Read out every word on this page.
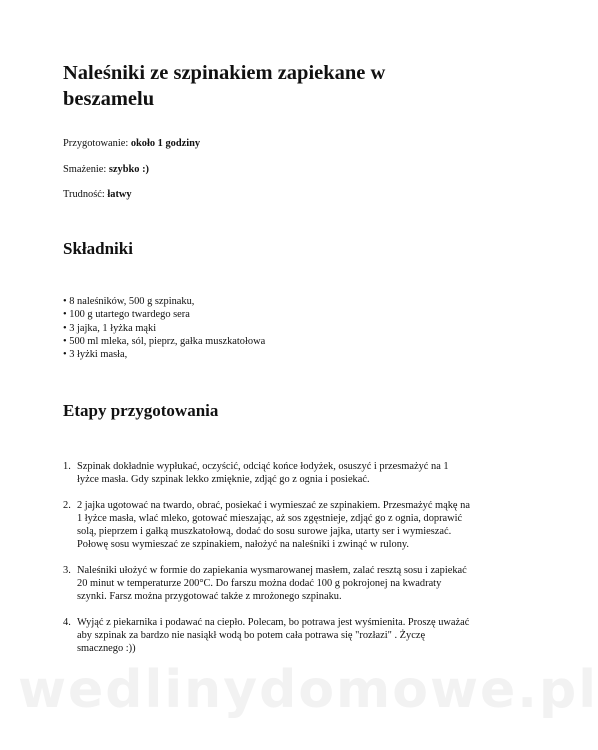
Naleśniki ze szpinakiem zapiekane w beszamelu

Przygotowanie: około 1 godziny

Smażenie: szybko :)

Trudność: łatwy

Składniki
• 8 naleśników, 500 g szpinaku,
• 100 g utartego twardego sera
• 3 jajka, 1 łyżka mąki
• 500 ml mleka, sól, pieprz, gałka muszkatołowa
• 3 łyżki masła,
Etapy przygotowania
1. Szpinak dokładnie wypłukać, oczyścić, odciąć końce łodyżek, osuszyć i przesmażyć na 1 łyżce masła. Gdy szpinak lekko zmięknie, zdjąć go z ognia i posiekać.
2. 2 jajka ugotować na twardo, obrać, posiekać i wymieszać ze szpinakiem. Przesmażyć mąkę na 1 łyżce masła, wlać mleko, gotować mieszając, aż sos zgęstnieje, zdjąć go z ognia, doprawić solą, pieprzem i gałką muszkatołową, dodać do sosu surowe jajka, utarty ser i wymieszać. Połowę sosu wymieszać ze szpinakiem, nałożyć na naleśniki i zwinąć w rulony.
3. Naleśniki ułożyć w formie do zapiekania wysmarowanej masłem, zalać resztą sosu i zapiekać 20 minut w temperaturze 200°C. Do farszu można dodać 100 g pokrojonej na kwadraty szynki. Farsz można przygotować także z mrożonego szpinaku.
4. Wyjąć z piekarnika i podawać na ciepło. Polecam, bo potrawa jest wyśmienita. Proszę uważać aby szpinak za bardzo nie nasiąkł wodą bo potem cała potrawa się "rozłazi" . Życzę smacznego :))
wedlinydomowe.pl
